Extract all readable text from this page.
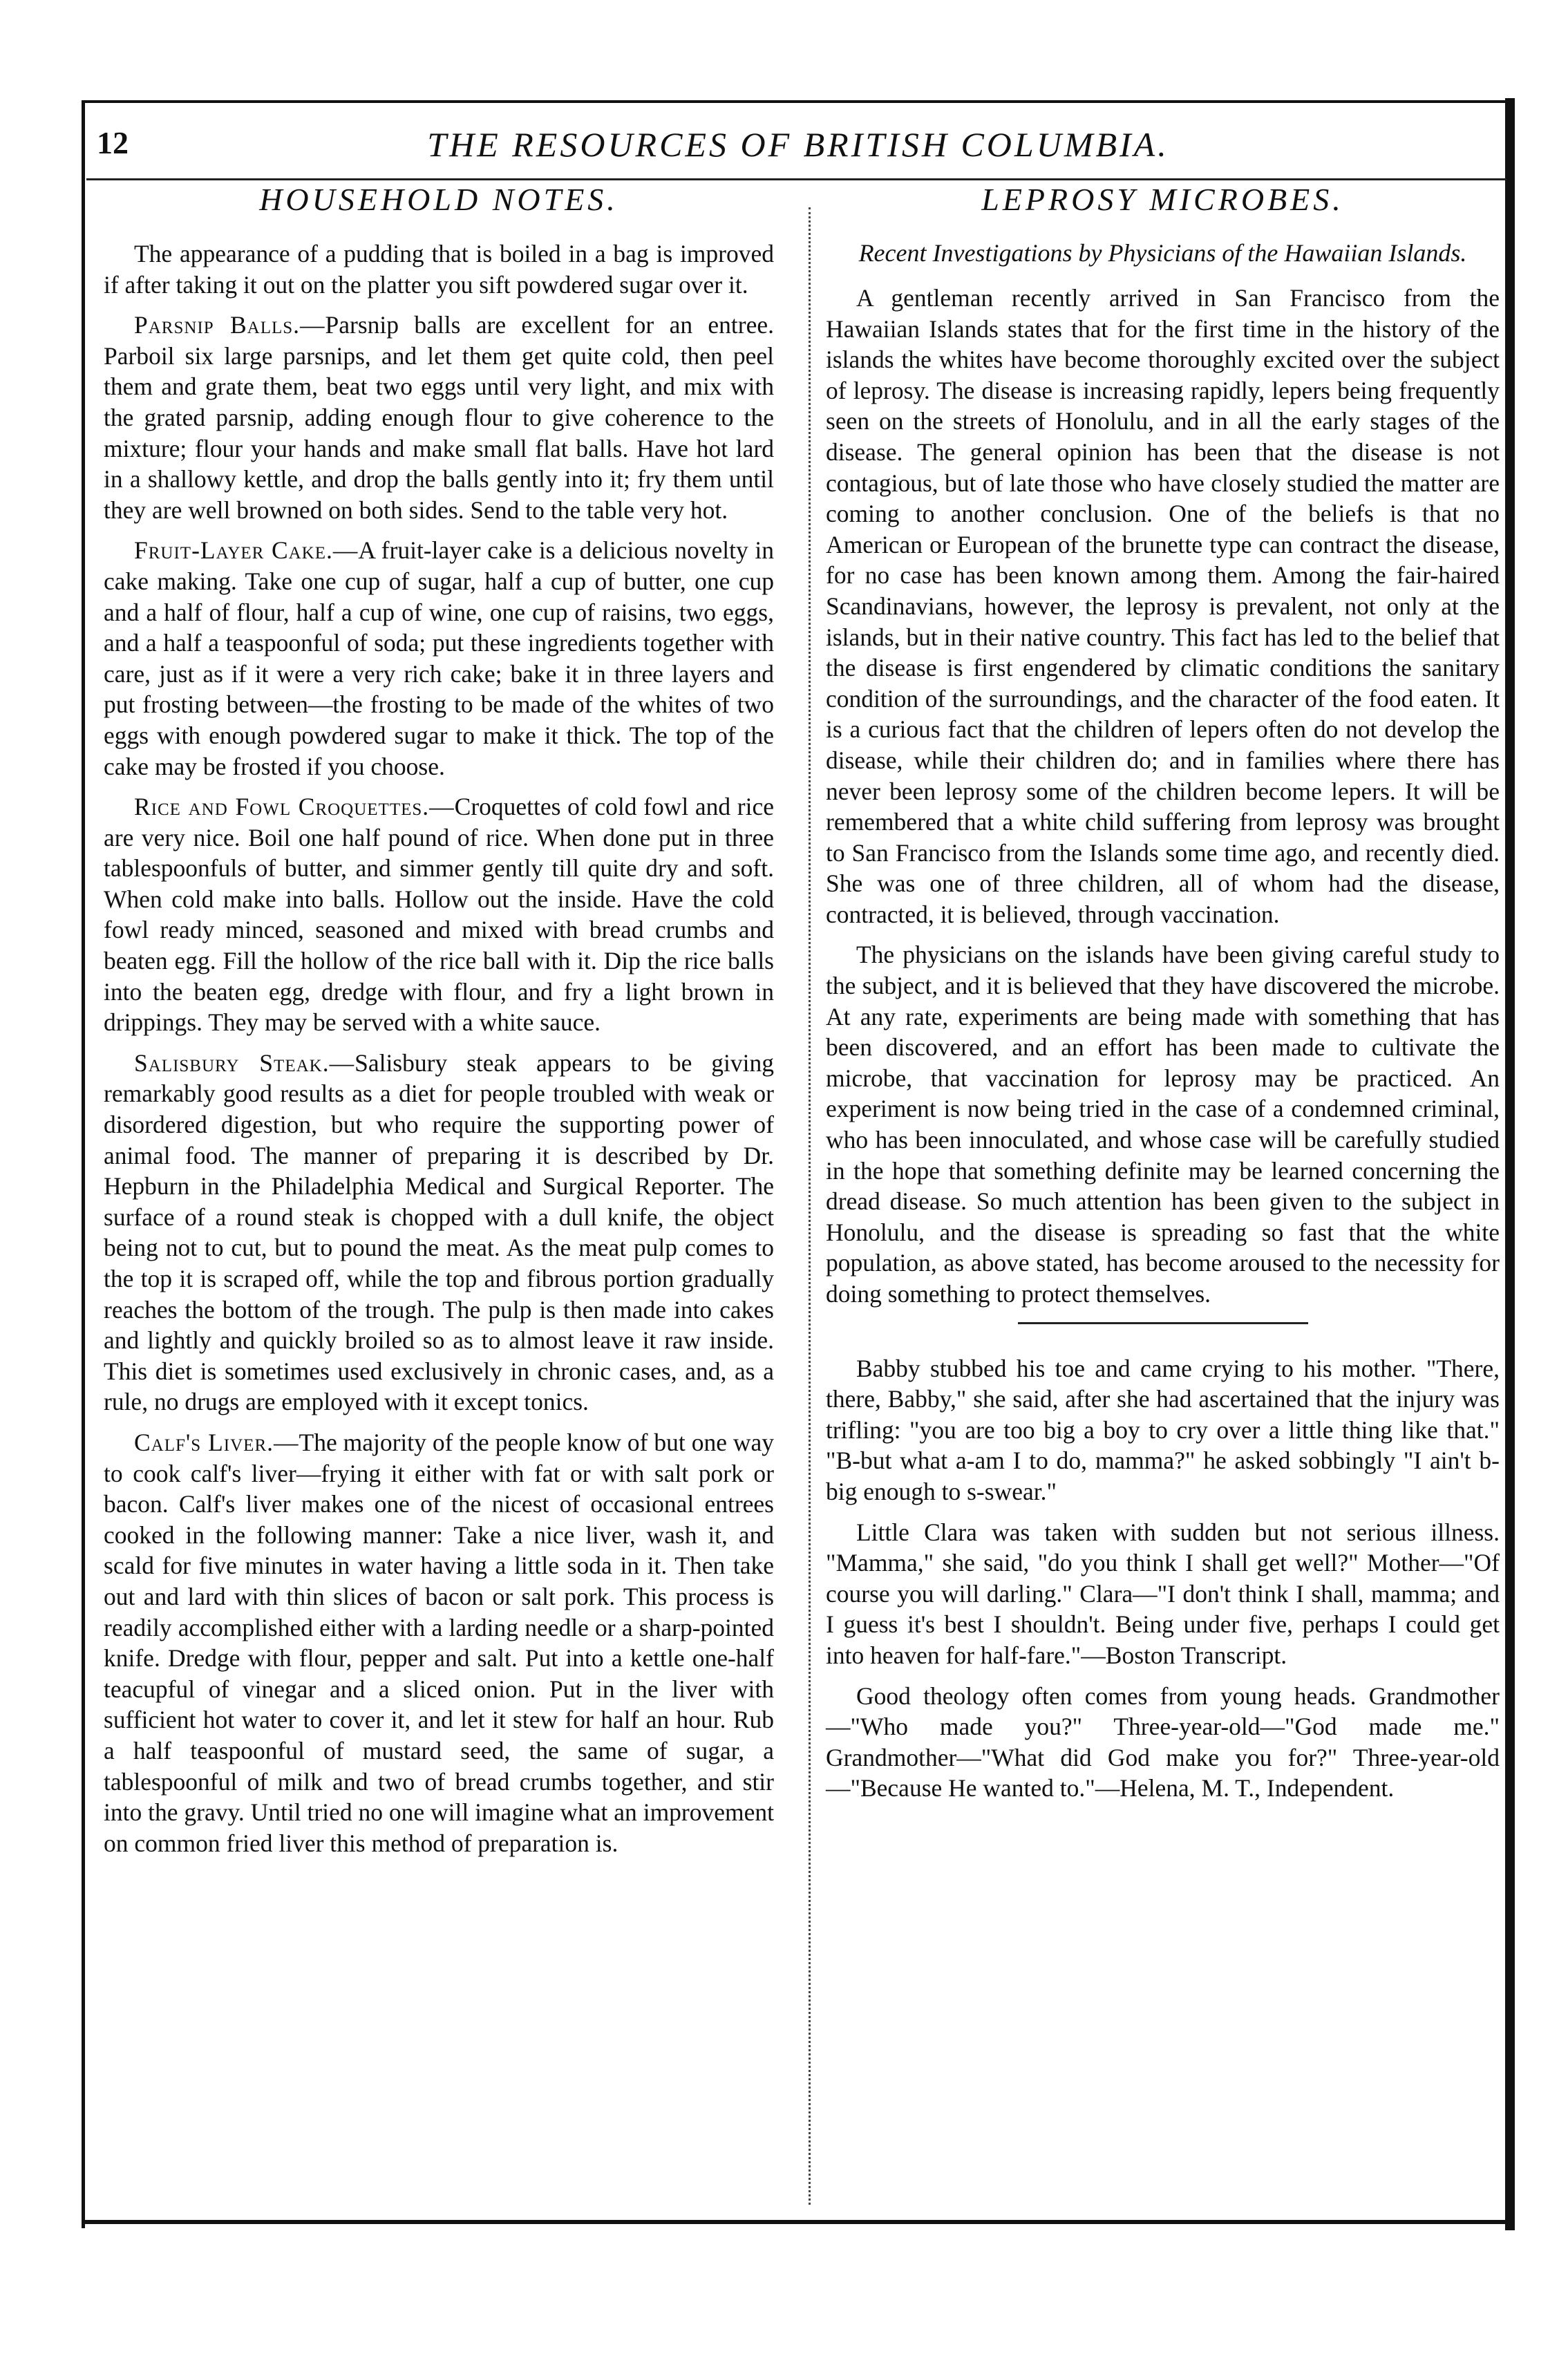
12	THE RESOURCES OF BRITISH COLUMBIA.
HOUSEHOLD NOTES.

The appearance of a pudding that is boiled in a bag is improved if after taking it out on the platter you sift powdered sugar over it.

Parsnip Balls.—Parsnip balls are excellent for an entree. Parboil six large parsnips, and let them get quite cold, then peel them and grate them, beat two eggs until very light, and mix with the grated parsnip, adding enough flour to give coherence to the mixture; flour your hands and make small flat balls. Have hot lard in a shallowy kettle, and drop the balls gently into it; fry them until they are well browned on both sides. Send to the table very hot.

Fruit-Layer Cake.—A fruit-layer cake is a delicious novelty in cake making. Take one cup of sugar, half a cup of butter, one cup and a half of flour, half a cup of wine, one cup of raisins, two eggs, and a half a teaspoonful of soda; put these ingredients together with care, just as if it were a very rich cake; bake it in three layers and put frosting between—the frosting to be made of the whites of two eggs with enough powdered sugar to make it thick. The top of the cake may be frosted if you choose.

Rice and Fowl Croquettes.—Croquettes of cold fowl and rice are very nice. Boil one half pound of rice. When done put in three tablespoonfuls of butter, and simmer gently till quite dry and soft. When cold make into balls. Hollow out the inside. Have the cold fowl ready minced, seasoned and mixed with bread crumbs and beaten egg. Fill the hollow of the rice ball with it. Dip the rice balls into the beaten egg, dredge with flour, and fry a light brown in drippings. They may be served with a white sauce.

Salisbury Steak.—Salisbury steak appears to be giving remarkably good results as a diet for people troubled with weak or disordered digestion, but who require the supporting power of animal food. The manner of preparing it is described by Dr. Hepburn in the Philadelphia Medical and Surgical Reporter. The surface of a round steak is chopped with a dull knife, the object being not to cut, but to pound the meat. As the meat pulp comes to the top it is scraped off, while the top and fibrous portion gradually reaches the bottom of the trough. The pulp is then made into cakes and lightly and quickly broiled so as to almost leave it raw inside. This diet is sometimes used exclusively in chronic cases, and, as a rule, no drugs are employed with it except tonics.

Calf's Liver.—The majority of the people know of but one way to cook calf's liver—frying it either with fat or with salt pork or bacon. Calf's liver makes one of the nicest of occasional entrees cooked in the following manner: Take a nice liver, wash it, and scald for five minutes in water having a little soda in it. Then take out and lard with thin slices of bacon or salt pork. This process is readily accomplished either with a larding needle or a sharp-pointed knife. Dredge with flour, pepper and salt. Put into a kettle one-half teacupful of vinegar and a sliced onion. Put in the liver with sufficient hot water to cover it, and let it stew for half an hour. Rub a half teaspoonful of mustard seed, the same of sugar, a tablespoonful of milk and two of bread crumbs together, and stir into the gravy. Until tried no one will imagine what an improvement on common fried liver this method of preparation is.

LEPROSY MICROBES.
Recent Investigations by Physicians of the Hawaiian Islands.

A gentleman recently arrived in San Francisco from the Hawaiian Islands states that for the first time in the history of the islands the whites have become thoroughly excited over the subject of leprosy. The disease is increasing rapidly, lepers being frequently seen on the streets of Honolulu, and in all the early stages of the disease. The general opinion has been that the disease is not contagious, but of late those who have closely studied the matter are coming to another conclusion. One of the beliefs is that no American or European of the brunette type can contract the disease, for no case has been known among them. Among the fair-haired Scandinavians, however, the leprosy is prevalent, not only at the islands, but in their native country. This fact has led to the belief that the disease is first engendered by climatic conditions the sanitary condition of the surroundings, and the character of the food eaten. It is a curious fact that the children of lepers often do not develop the disease, while their children do; and in families where there has never been leprosy some of the children become lepers. It will be remembered that a white child suffering from leprosy was brought to San Francisco from the Islands some time ago, and recently died. She was one of three children, all of whom had the disease, contracted, it is believed, through vaccination.

The physicians on the islands have been giving careful study to the subject, and it is believed that they have discovered the microbe. At any rate, experiments are being made with something that has been discovered, and an effort has been made to cultivate the microbe, that vaccination for leprosy may be practiced. An experiment is now being tried in the case of a condemned criminal, who has been innoculated, and whose case will be carefully studied in the hope that something definite may be learned concerning the dread disease. So much attention has been given to the subject in Honolulu, and the disease is spreading so fast that the white population, as above stated, has become aroused to the necessity for doing something to protect themselves.

Babby stubbed his toe and came crying to his mother. "There, there, Babby," she said, after she had ascertained that the injury was trifling: "you are too big a boy to cry over a little thing like that." "B-but what a-am I to do, mamma?" he asked sobbingly "I ain't b-big enough to s-swear."

Little Clara was taken with sudden but not serious illness. "Mamma," she said, "do you think I shall get well?" Mother—"Of course you will darling." Clara—"I don't think I shall, mamma; and I guess it's best I shouldn't. Being under five, perhaps I could get into heaven for half-fare."—Boston Transcript.

Good theology often comes from young heads. Grandmother—"Who made you?" Three-year-old—"God made me." Grandmother—"What did God make you for?" Three-year-old—"Because He wanted to."—Helena, M. T., Independent.
